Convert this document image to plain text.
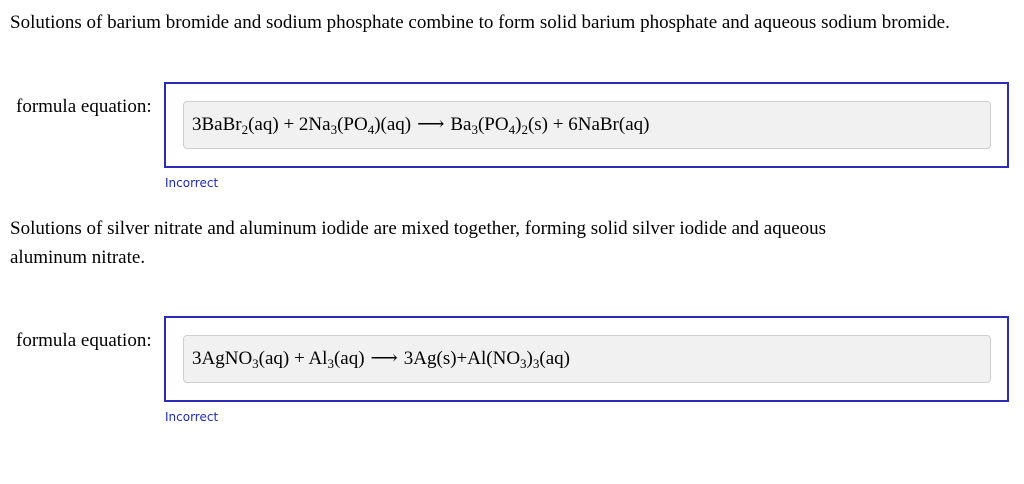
Solutions of barium bromide and sodium phosphate combine to form solid barium phosphate and aqueous sodium bromide.

formula equation:
3BaBr$_2$(aq) + $2Na_3(PO_4)(aq)$ ⟶ $Ba_3(PO_4)_2(s)$ + 6NaBr(aq)
Incorrect

Solutions of silver nitrate and aluminum iodide are mixed together, forming solid silver iodide and aqueous aluminum nitrate.

formula equation:
3AgNO$_3$(aq) + $Al_3(aq)$ ⟶ $3Ag(s)+Al(NO_3)_3(aq)$
Incorrect
